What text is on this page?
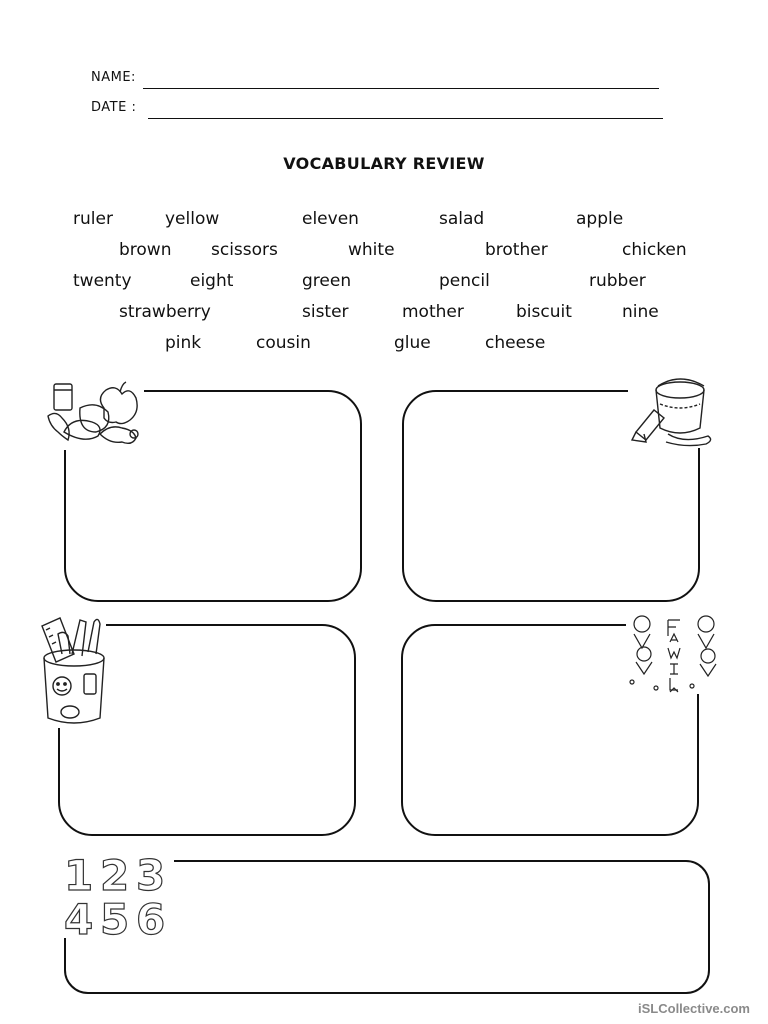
NAME:
DATE :
VOCABULARY REVIEW
ruler	yellow	eleven	salad	apple
brown scissors	white	brother	chicken
twenty	eight	green	pencil	rubber
strawberry	sister	mother	biscuit	nine
pink	cousin	glue	cheese
1 2 3
4 5 6
iSLCollective.com
